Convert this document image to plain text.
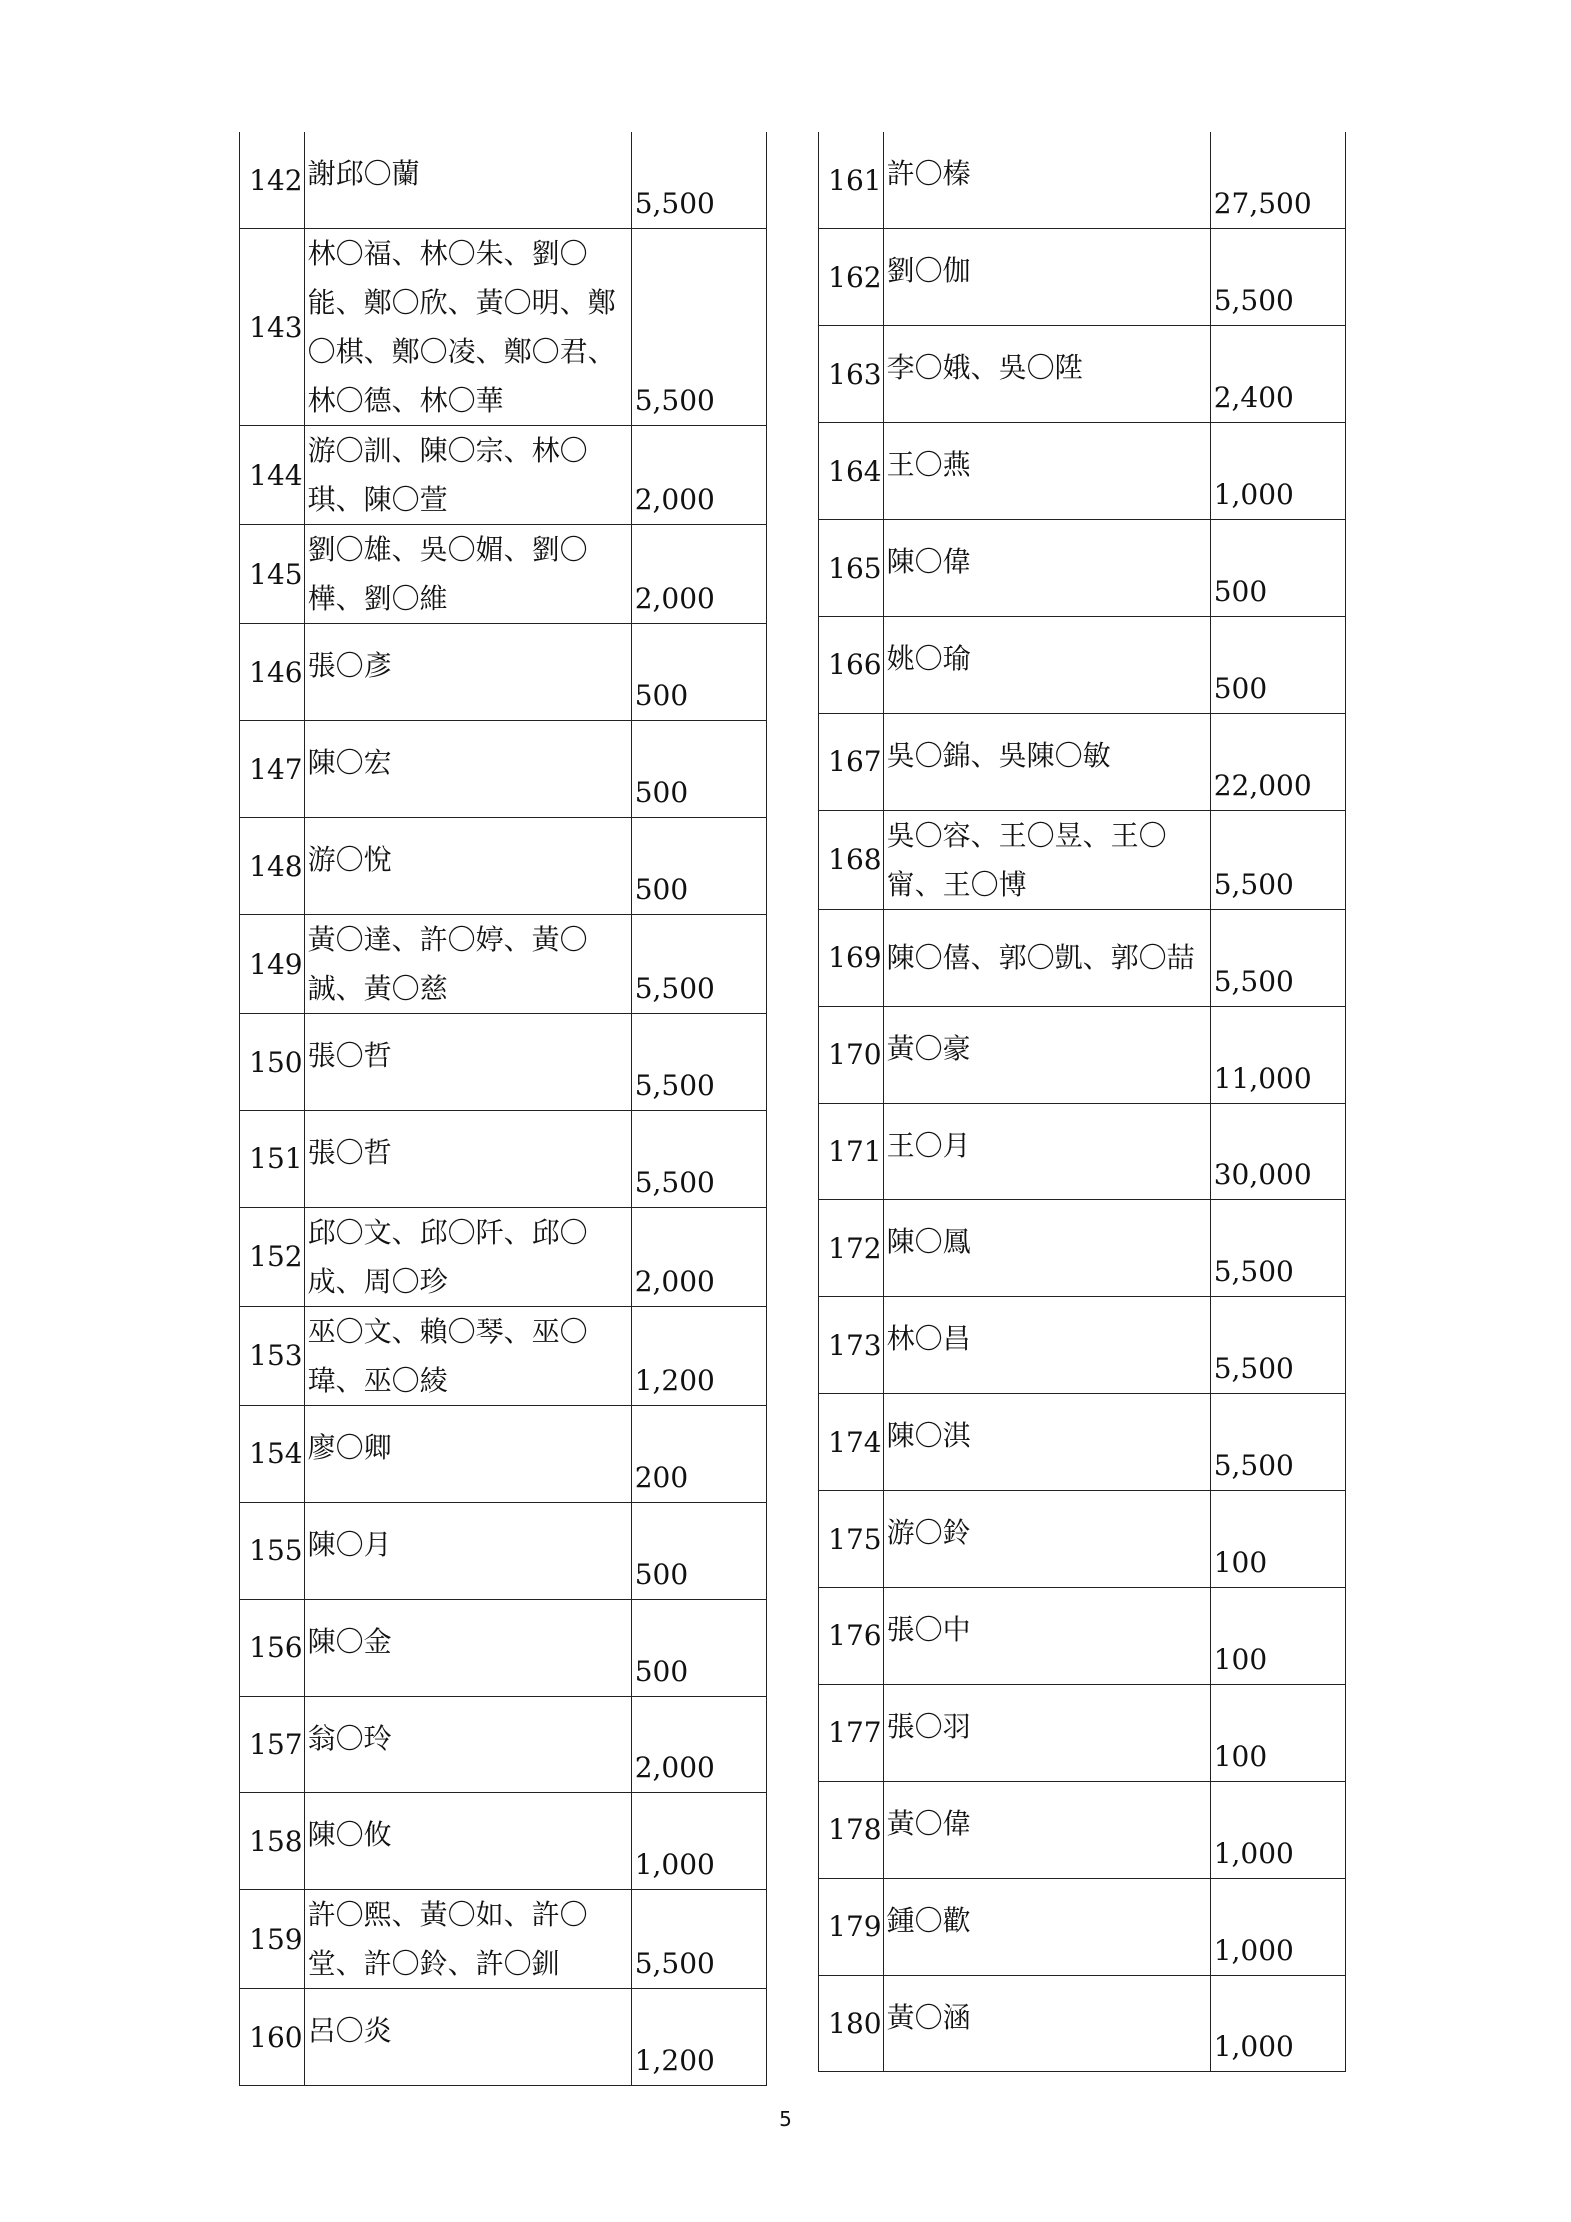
142	謝邱〇蘭	5,500
143	林〇福、林〇朱、劉〇能、鄭〇欣、黃〇明、鄭〇棋、鄭〇凌、鄭〇君、林〇德、林〇華	5,500
144	游〇訓、陳〇宗、林〇琪、陳〇萱	2,000
145	劉〇雄、吳〇媚、劉〇樺、劉〇維	2,000
146	張〇彥	500
147	陳〇宏	500
148	游〇悅	500
149	黃〇達、許〇婷、黃〇誠、黃〇慈	5,500
150	張〇哲	5,500
151	張〇哲	5,500
152	邱〇文、邱〇阡、邱〇成、周〇珍	2,000
153	巫〇文、賴〇琴、巫〇瑋、巫〇綾	1,200
154	廖〇卿	200
155	陳〇月	500
156	陳〇金	500
157	翁〇玲	2,000
158	陳〇攸	1,000
159	許〇熙、黃〇如、許〇堂、許〇鈴、許〇釧	5,500
160	呂〇炎	1,200
161	許〇榛	27,500
162	劉〇伽	5,500
163	李〇娥、吳〇陞	2,400
164	王〇燕	1,000
165	陳〇偉	500
166	姚〇瑜	500
167	吳〇錦、吳陳〇敏	22,000
168	吳〇容、王〇昱、王〇甯、王〇博	5,500
169	陳〇僖、郭〇凱、郭〇喆	5,500
170	黃〇豪	11,000
171	王〇月	30,000
172	陳〇鳳	5,500
173	林〇昌	5,500
174	陳〇淇	5,500
175	游〇鈴	100
176	張〇中	100
177	張〇羽	100
178	黃〇偉	1,000
179	鍾〇歡	1,000
180	黃〇涵	1,000
5
